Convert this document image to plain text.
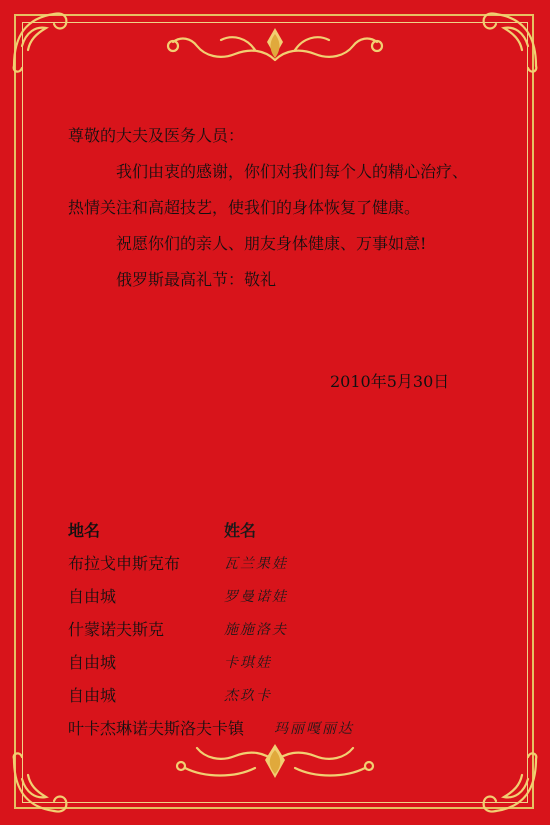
尊敬的大夫及医务人员：

我们由衷的感谢，你们对我们每个人的精心治疗、热情关注和高超技艺，使我们的身体恢复了健康。

祝愿你们的亲人、朋友身体健康、万事如意!

俄罗斯最高礼节：敬礼

2010年5月30日
地名	姓名
布拉戈申斯克布	瓦兰果娃
自由城	罗曼诺娃
什蒙诺夫斯克	施施洛夫
自由城	卡琪娃
自由城	杰玖卡
叶卡杰琳诺夫斯洛夫卡镇 玛丽嘎丽达
